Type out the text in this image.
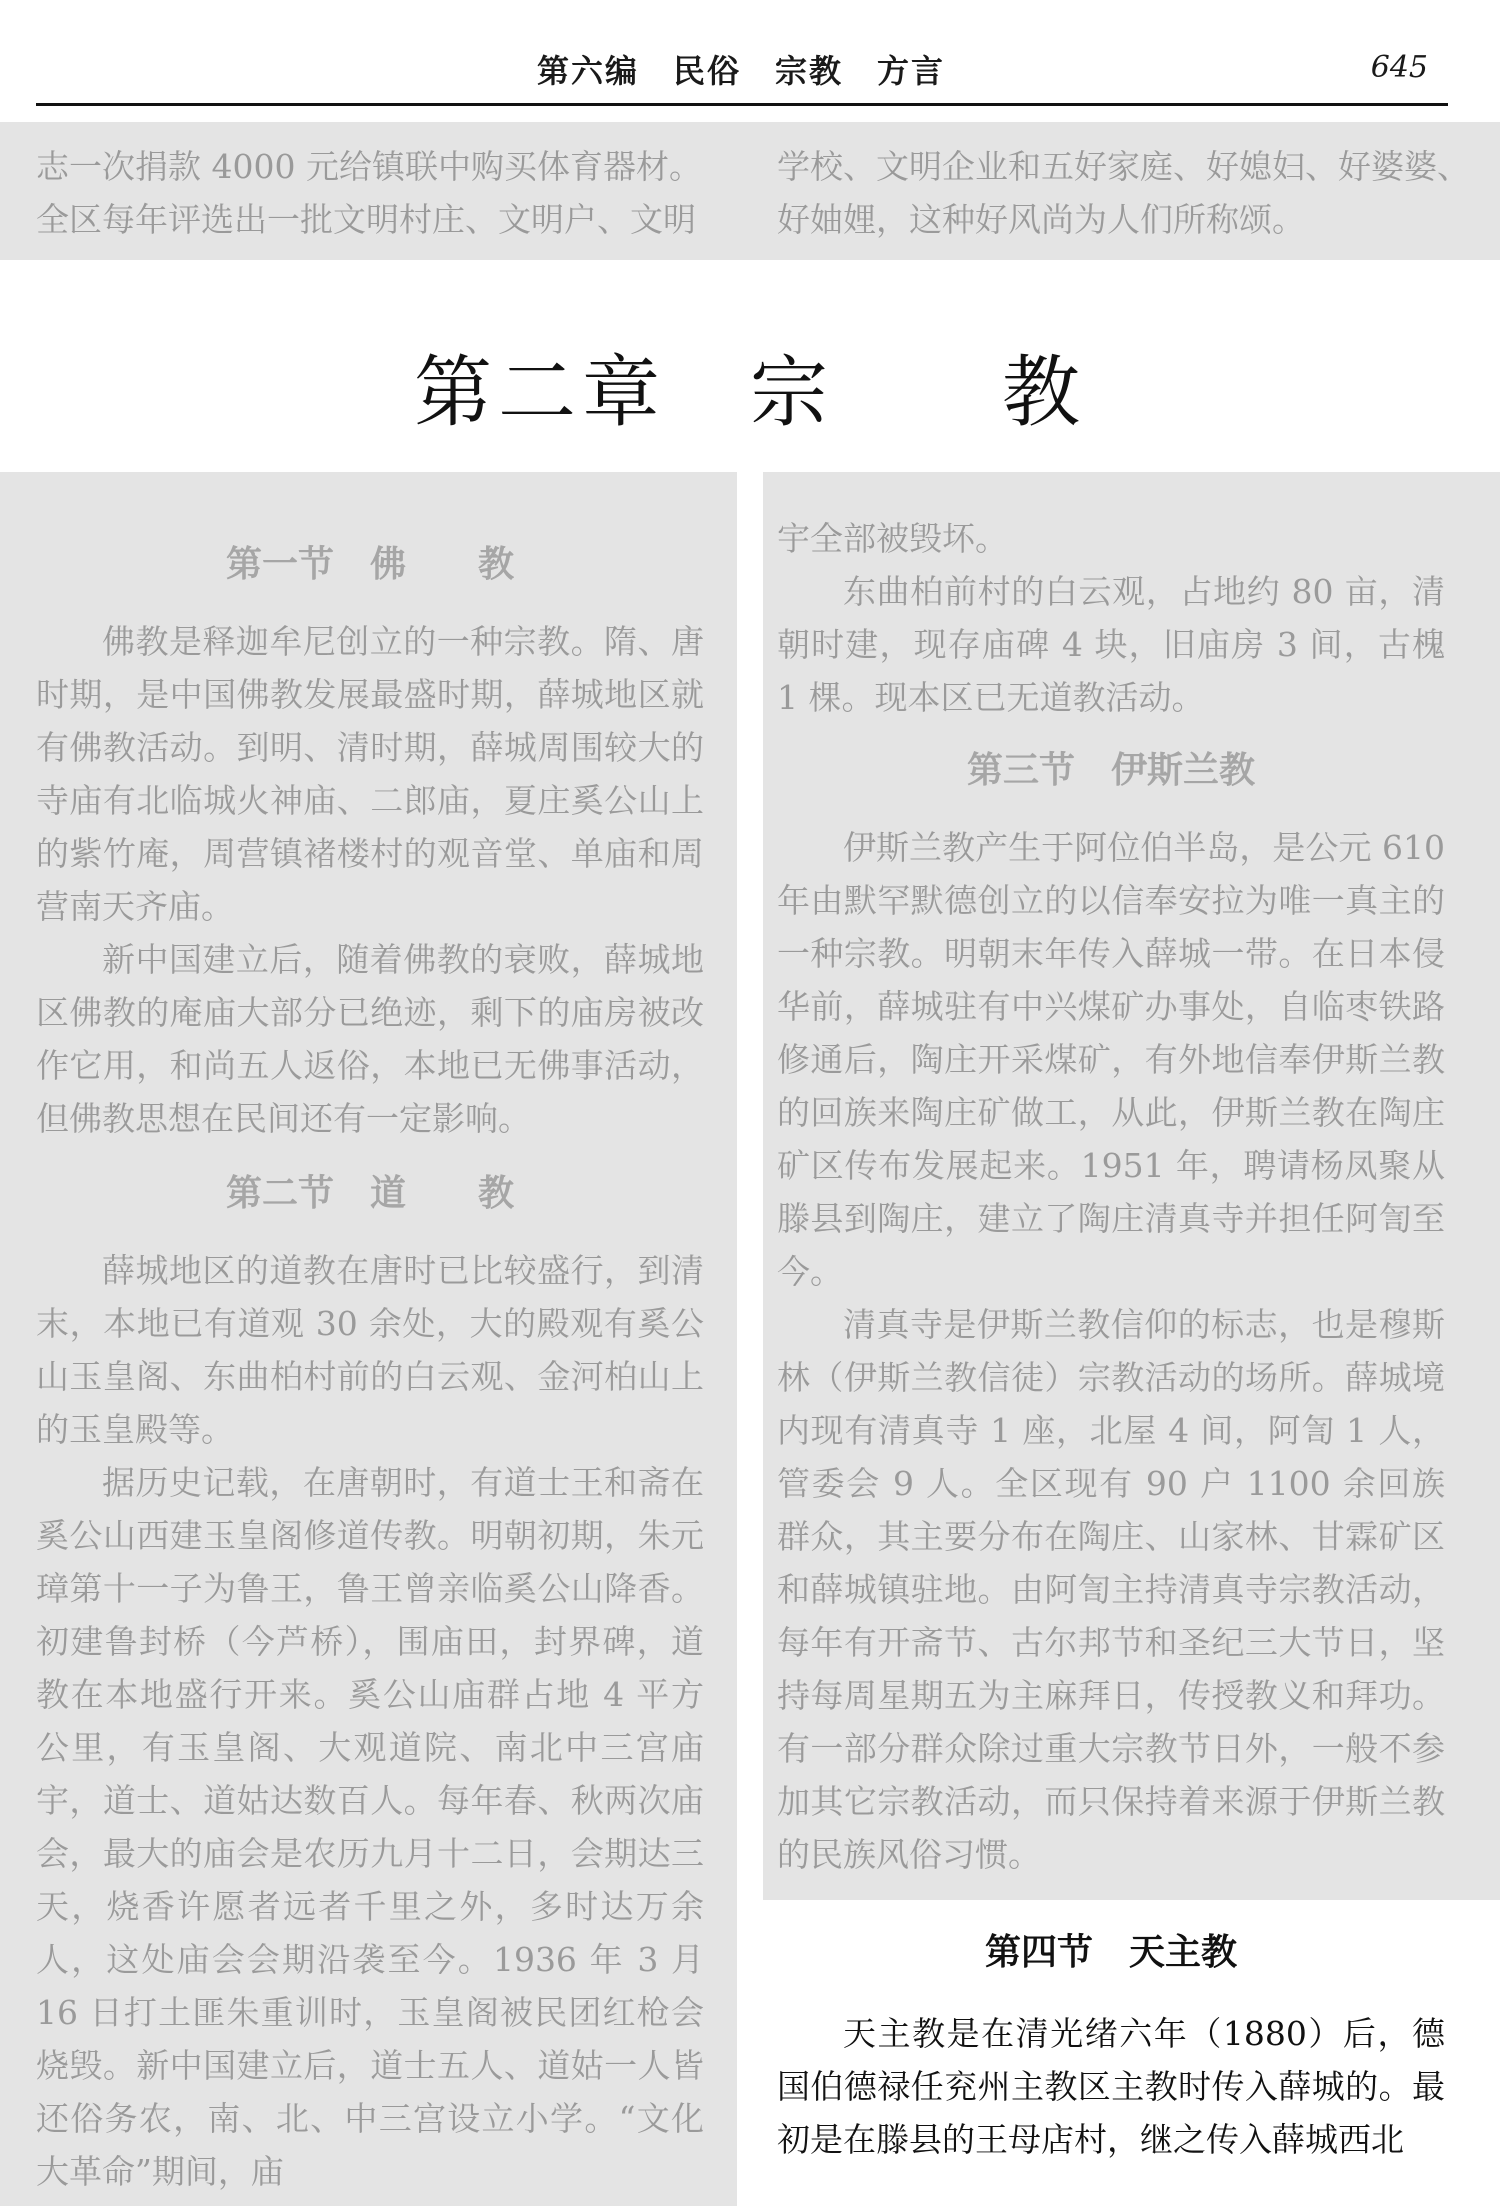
第六编　民俗　宗教　方言	645

志一次捐款 4000 元给镇联中购买体育器材。

全区每年评选出一批文明村庄、文明户、文明

学校、文明企业和五好家庭、好媳妇、好婆婆、

好妯娌，这种好风尚为人们所称颂。

第二章　宗　　教
第一节　佛　　教

佛教是释迦牟尼创立的一种宗教。隋、唐时期，是中国佛教发展最盛时期，薛城地区就有佛教活动。到明、清时期，薛城周围较大的寺庙有北临城火神庙、二郎庙，夏庄奚公山上的紫竹庵，周营镇褚楼村的观音堂、单庙和周营南天齐庙。

新中国建立后，随着佛教的衰败，薛城地区佛教的庵庙大部分已绝迹，剩下的庙房被改作它用，和尚五人返俗，本地已无佛事活动，但佛教思想在民间还有一定影响。

第二节　道　　教

薛城地区的道教在唐时已比较盛行，到清末，本地已有道观 30 余处，大的殿观有奚公山玉皇阁、东曲柏村前的白云观、金河柏山上的玉皇殿等。

据历史记载，在唐朝时，有道士王和斋在奚公山西建玉皇阁修道传教。明朝初期，朱元璋第十一子为鲁王，鲁王曾亲临奚公山降香。初建鲁封桥（今芦桥），围庙田，封界碑，道教在本地盛行开来。奚公山庙群占地 4 平方公里，有玉皇阁、大观道院、南北中三宫庙宇，道士、道姑达数百人。每年春、秋两次庙会，最大的庙会是农历九月十二日，会期达三天，烧香许愿者远者千里之外，多时达万余人，这处庙会会期沿袭至今。1936 年 3 月 16 日打土匪朱重训时，玉皇阁被民团红枪会烧毁。新中国建立后，道士五人、道姑一人皆还俗务农，南、北、中三宫设立小学。“文化大革命”期间，庙

宇全部被毁坏。

东曲柏前村的白云观，占地约 80 亩，清朝时建，现存庙碑 4 块，旧庙房 3 间，古槐 1 棵。现本区已无道教活动。

第三节　伊斯兰教

伊斯兰教产生于阿位伯半岛，是公元 610 年由默罕默德创立的以信奉安拉为唯一真主的一种宗教。明朝末年传入薛城一带。在日本侵华前，薛城驻有中兴煤矿办事处，自临枣铁路修通后，陶庄开采煤矿，有外地信奉伊斯兰教的回族来陶庄矿做工，从此，伊斯兰教在陶庄矿区传布发展起来。1951 年，聘请杨凤聚从滕县到陶庄，建立了陶庄清真寺并担任阿訇至今。

清真寺是伊斯兰教信仰的标志，也是穆斯林（伊斯兰教信徒）宗教活动的场所。薛城境内现有清真寺 1 座，北屋 4 间，阿訇 1 人，管委会 9 人。全区现有 90 户 1100 余回族群众，其主要分布在陶庄、山家林、甘霖矿区和薛城镇驻地。由阿訇主持清真寺宗教活动，每年有开斋节、古尔邦节和圣纪三大节日，坚持每周星期五为主麻拜日，传授教义和拜功。有一部分群众除过重大宗教节日外，一般不参加其它宗教活动，而只保持着来源于伊斯兰教的民族风俗习惯。

第四节　天主教

天主教是在清光绪六年（1880）后，德国伯德禄任兖州主教区主教时传入薛城的。最初是在滕县的王母店村，继之传入薛城西北
